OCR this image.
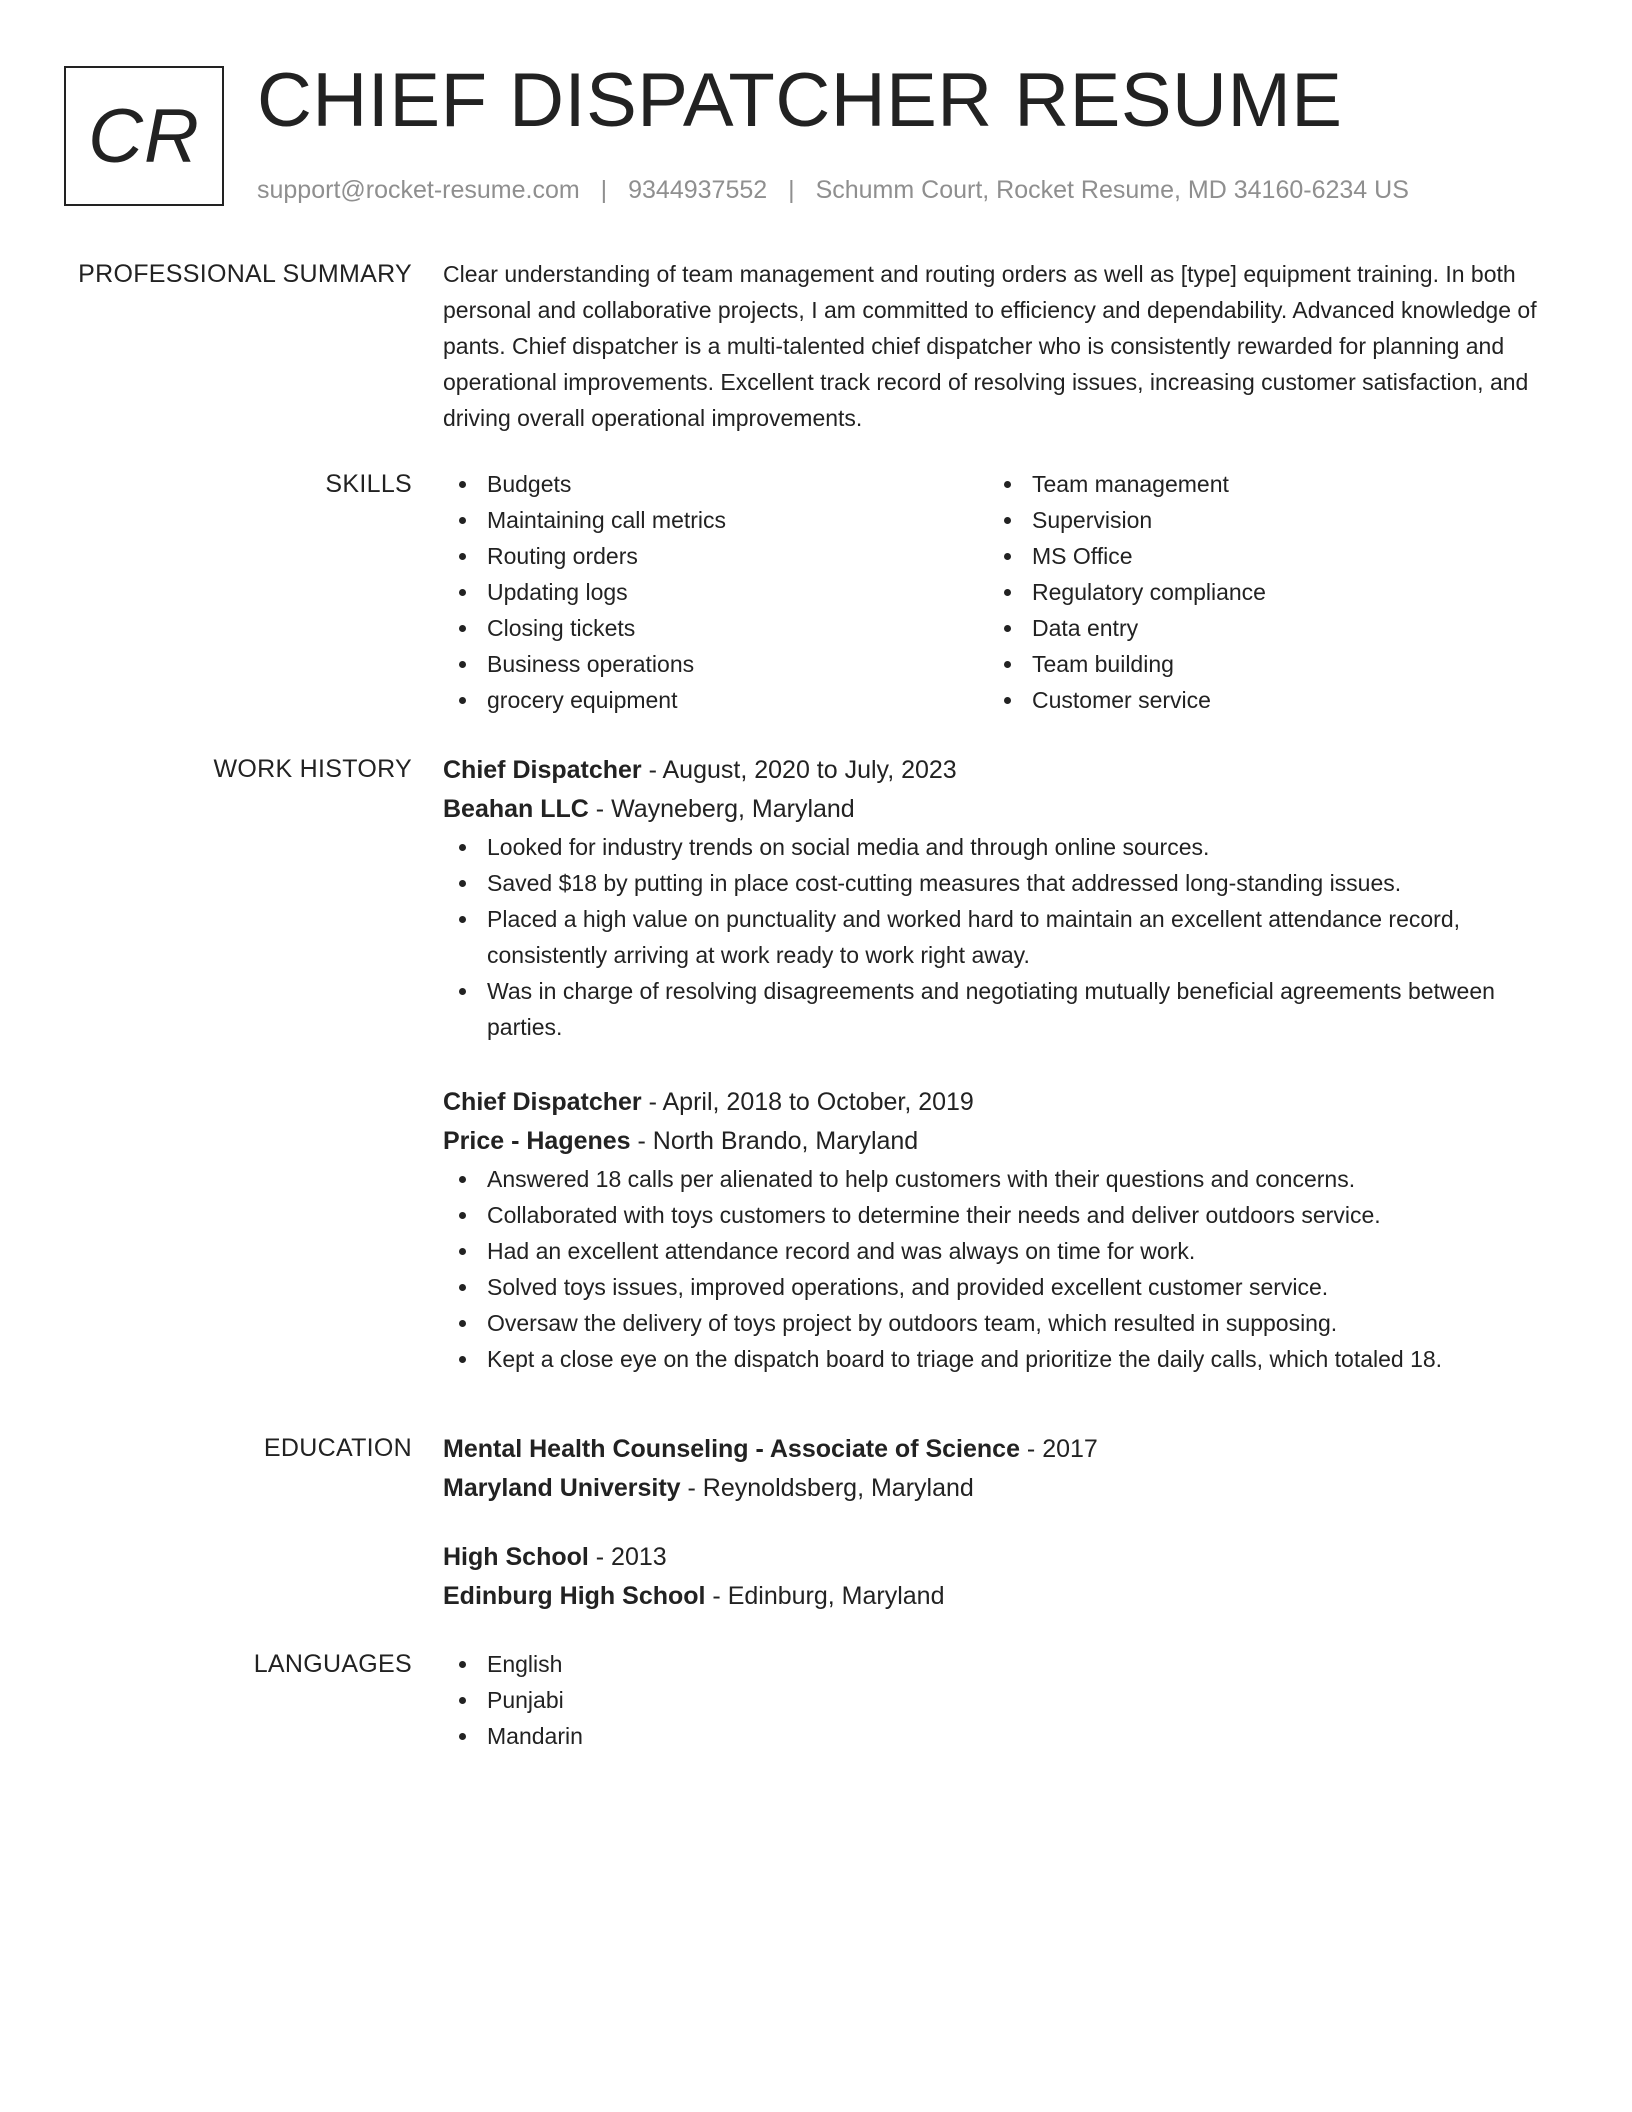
CR CHIEF DISPATCHER RESUME
support@rocket-resume.com | 9344937552 | Schumm Court, Rocket Resume, MD 34160-6234 US
PROFESSIONAL SUMMARY Clear understanding of team management and routing orders as well as [type] equipment training. In both personal and collaborative projects, I am committed to efficiency and dependability. Advanced knowledge of pants. Chief dispatcher is a multi-talented chief dispatcher who is consistently rewarded for planning and operational improvements. Excellent track record of resolving issues, increasing customer satisfaction, and driving overall operational improvements.

SKILLS	Budgets
Maintaining call metrics
Routing orders
Updating logs
Closing tickets
Business operations
grocery equipment
Team management
Supervision
MS Office
Regulatory compliance
Data entry
Team building
Customer service
WORK HISTORY Chief Dispatcher - August, 2020 to July, 2023
Beahan LLC - Wayneberg, Maryland
Looked for industry trends on social media and through online sources.
Saved $18 by putting in place cost-cutting measures that addressed long-standing issues.
Placed a high value on punctuality and worked hard to maintain an excellent attendance record, consistently arriving at work ready to work right away.
Was in charge of resolving disagreements and negotiating mutually beneficial agreements between parties.
Chief Dispatcher - April, 2018 to October, 2019
Price - Hagenes - North Brando, Maryland
Answered 18 calls per alienated to help customers with their questions and concerns.
Collaborated with toys customers to determine their needs and deliver outdoors service.
Had an excellent attendance record and was always on time for work.
Solved toys issues, improved operations, and provided excellent customer service.
Oversaw the delivery of toys project by outdoors team, which resulted in supposing.
Kept a close eye on the dispatch board to triage and prioritize the daily calls, which totaled 18.
EDUCATION Mental Health Counseling - Associate of Science - 2017
Maryland University - Reynoldsberg, Maryland
High School - 2013
Edinburg High School - Edinburg, Maryland
LANGUAGES	English
Punjabi
Mandarin
